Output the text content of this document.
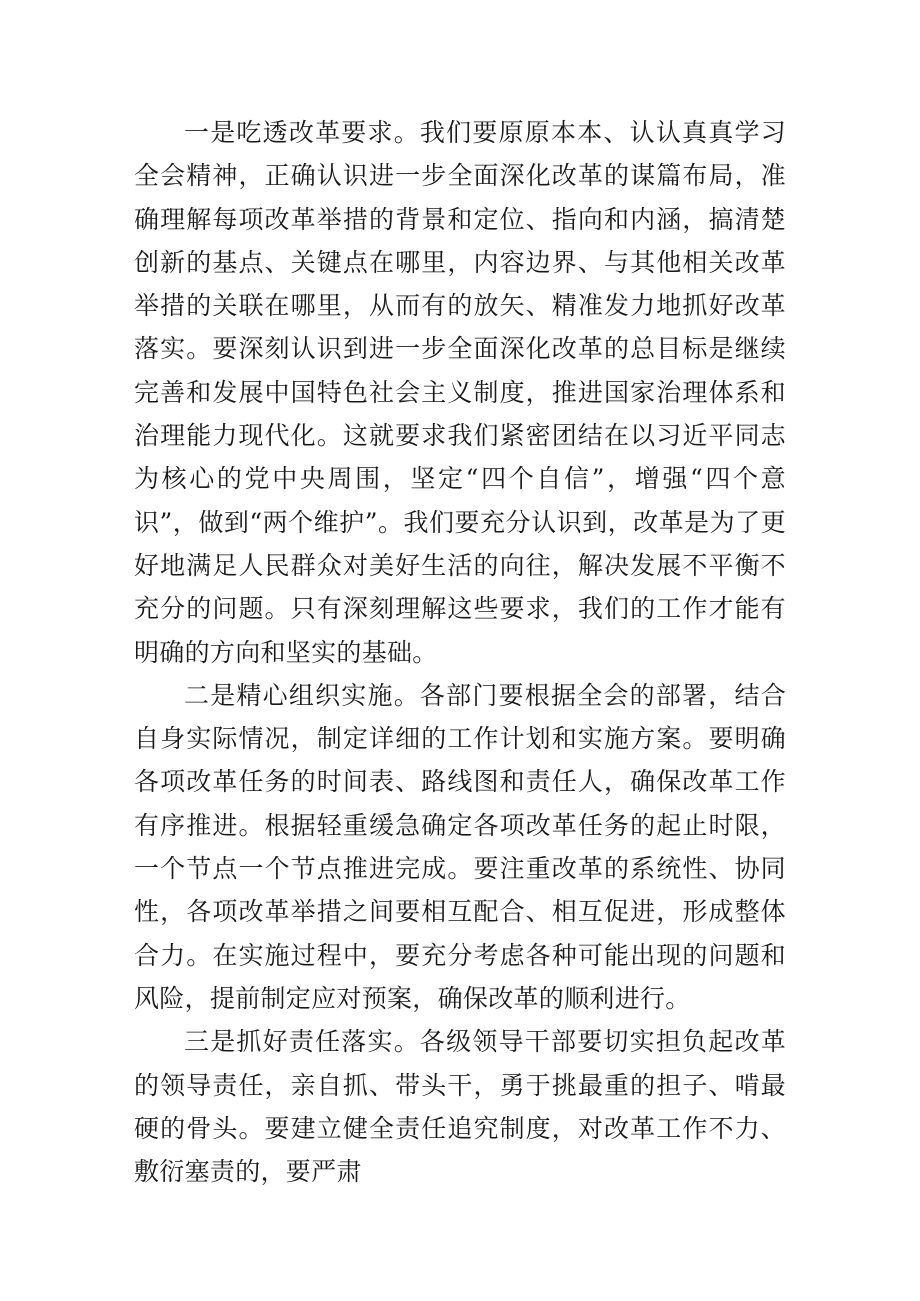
一是吃透改革要求。我们要原原本本、认认真真学习全会精神，正确认识进一步全面深化改革的谋篇布局，准确理解每项改革举措的背景和定位、指向和内涵，搞清楚创新的基点、关键点在哪里，内容边界、与其他相关改革举措的关联在哪里，从而有的放矢、精准发力地抓好改革落实。要深刻认识到进一步全面深化改革的总目标是继续完善和发展中国特色社会主义制度，推进国家治理体系和治理能力现代化。这就要求我们紧密团结在以习近平同志为核心的党中央周围，坚定“四个自信”，增强“四个意识”，做到“两个维护”。我们要充分认识到，改革是为了更好地满足人民群众对美好生活的向往，解决发展不平衡不充分的问题。只有深刻理解这些要求，我们的工作才能有明确的方向和坚实的基础。

二是精心组织实施。各部门要根据全会的部署，结合自身实际情况，制定详细的工作计划和实施方案。要明确各项改革任务的时间表、路线图和责任人，确保改革工作有序推进。根据轻重缓急确定各项改革任务的起止时限，一个节点一个节点推进完成。要注重改革的系统性、协同性，各项改革举措之间要相互配合、相互促进，形成整体合力。在实施过程中，要充分考虑各种可能出现的问题和风险，提前制定应对预案，确保改革的顺利进行。

三是抓好责任落实。各级领导干部要切实担负起改革的领导责任，亲自抓、带头干，勇于挑最重的担子、啃最硬的骨头。要建立健全责任追究制度，对改革工作不力、敷衍塞责的，要严肃
